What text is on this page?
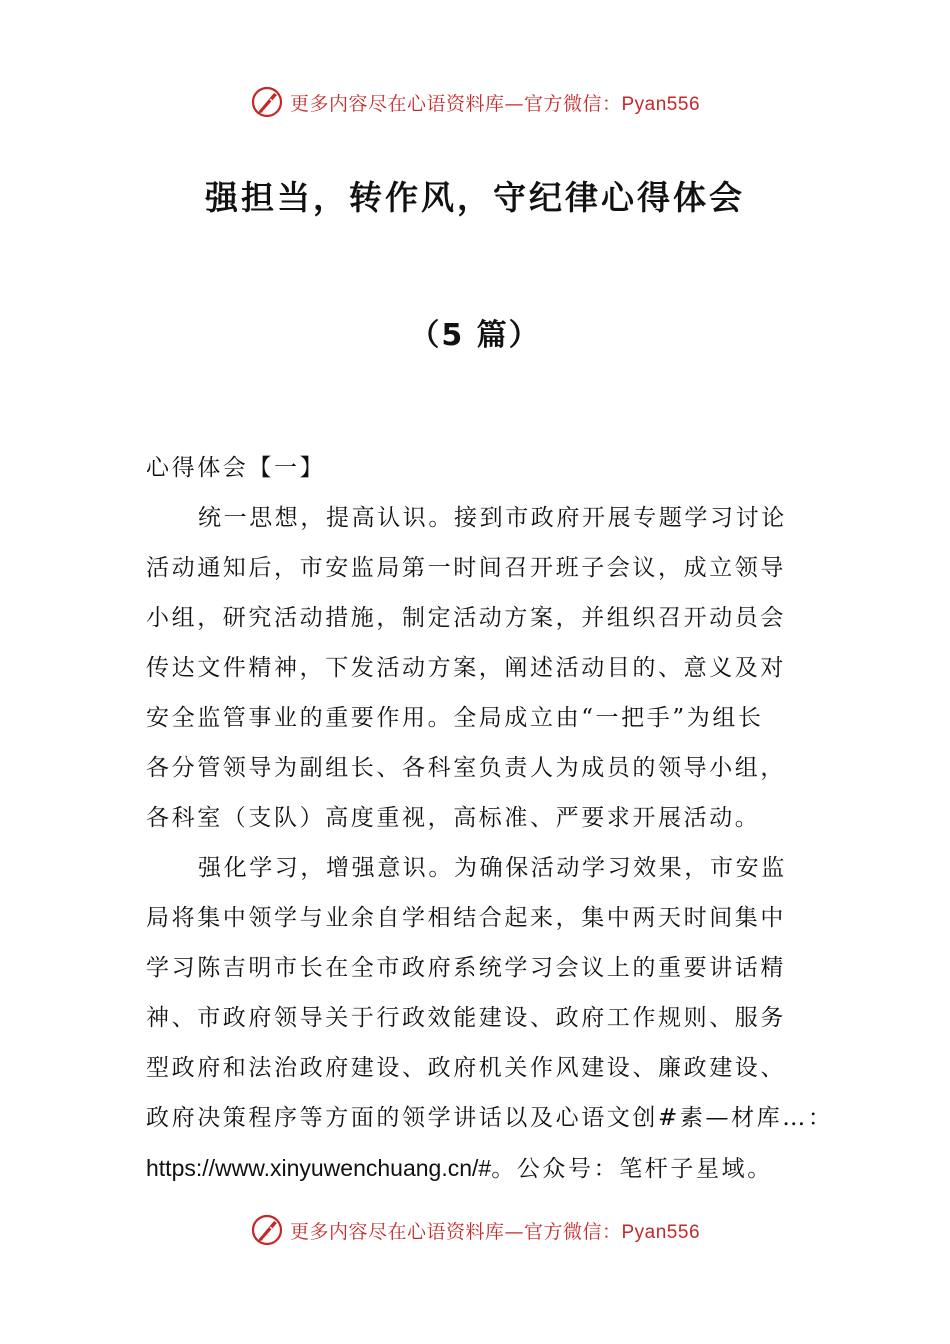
更多内容尽在心语资料库—官方微信：Pyan556
强担当，转作风，守纪律心得体会
（5 篇）

心得体会【一】

统一思想，提高认识。接到市政府开展专题学习讨论
活动通知后，市安监局第一时间召开班子会议，成立领导
小组，研究活动措施，制定活动方案，并组织召开动员会
传达文件精神，下发活动方案，阐述活动目的、意义及对
安全监管事业的重要作用。全局成立由“一把手”为组长
各分管领导为副组长、各科室负责人为成员的领导小组，
各科室（支队）高度重视，高标准、严要求开展活动。
强化学习，增强意识。为确保活动学习效果，市安监
局将集中领学与业余自学相结合起来，集中两天时间集中
学习陈吉明市长在全市政府系统学习会议上的重要讲话精
神、市政府领导关于行政效能建设、政府工作规则、服务
型政府和法治政府建设、政府机关作风建设、廉政建设、
政府决策程序等方面的领学讲话以及心语文创#素—材库…：
https://www.xinyuwenchuang.cn/#。公众号：笔杆子星域。
更多内容尽在心语资料库—官方微信：Pyan556
